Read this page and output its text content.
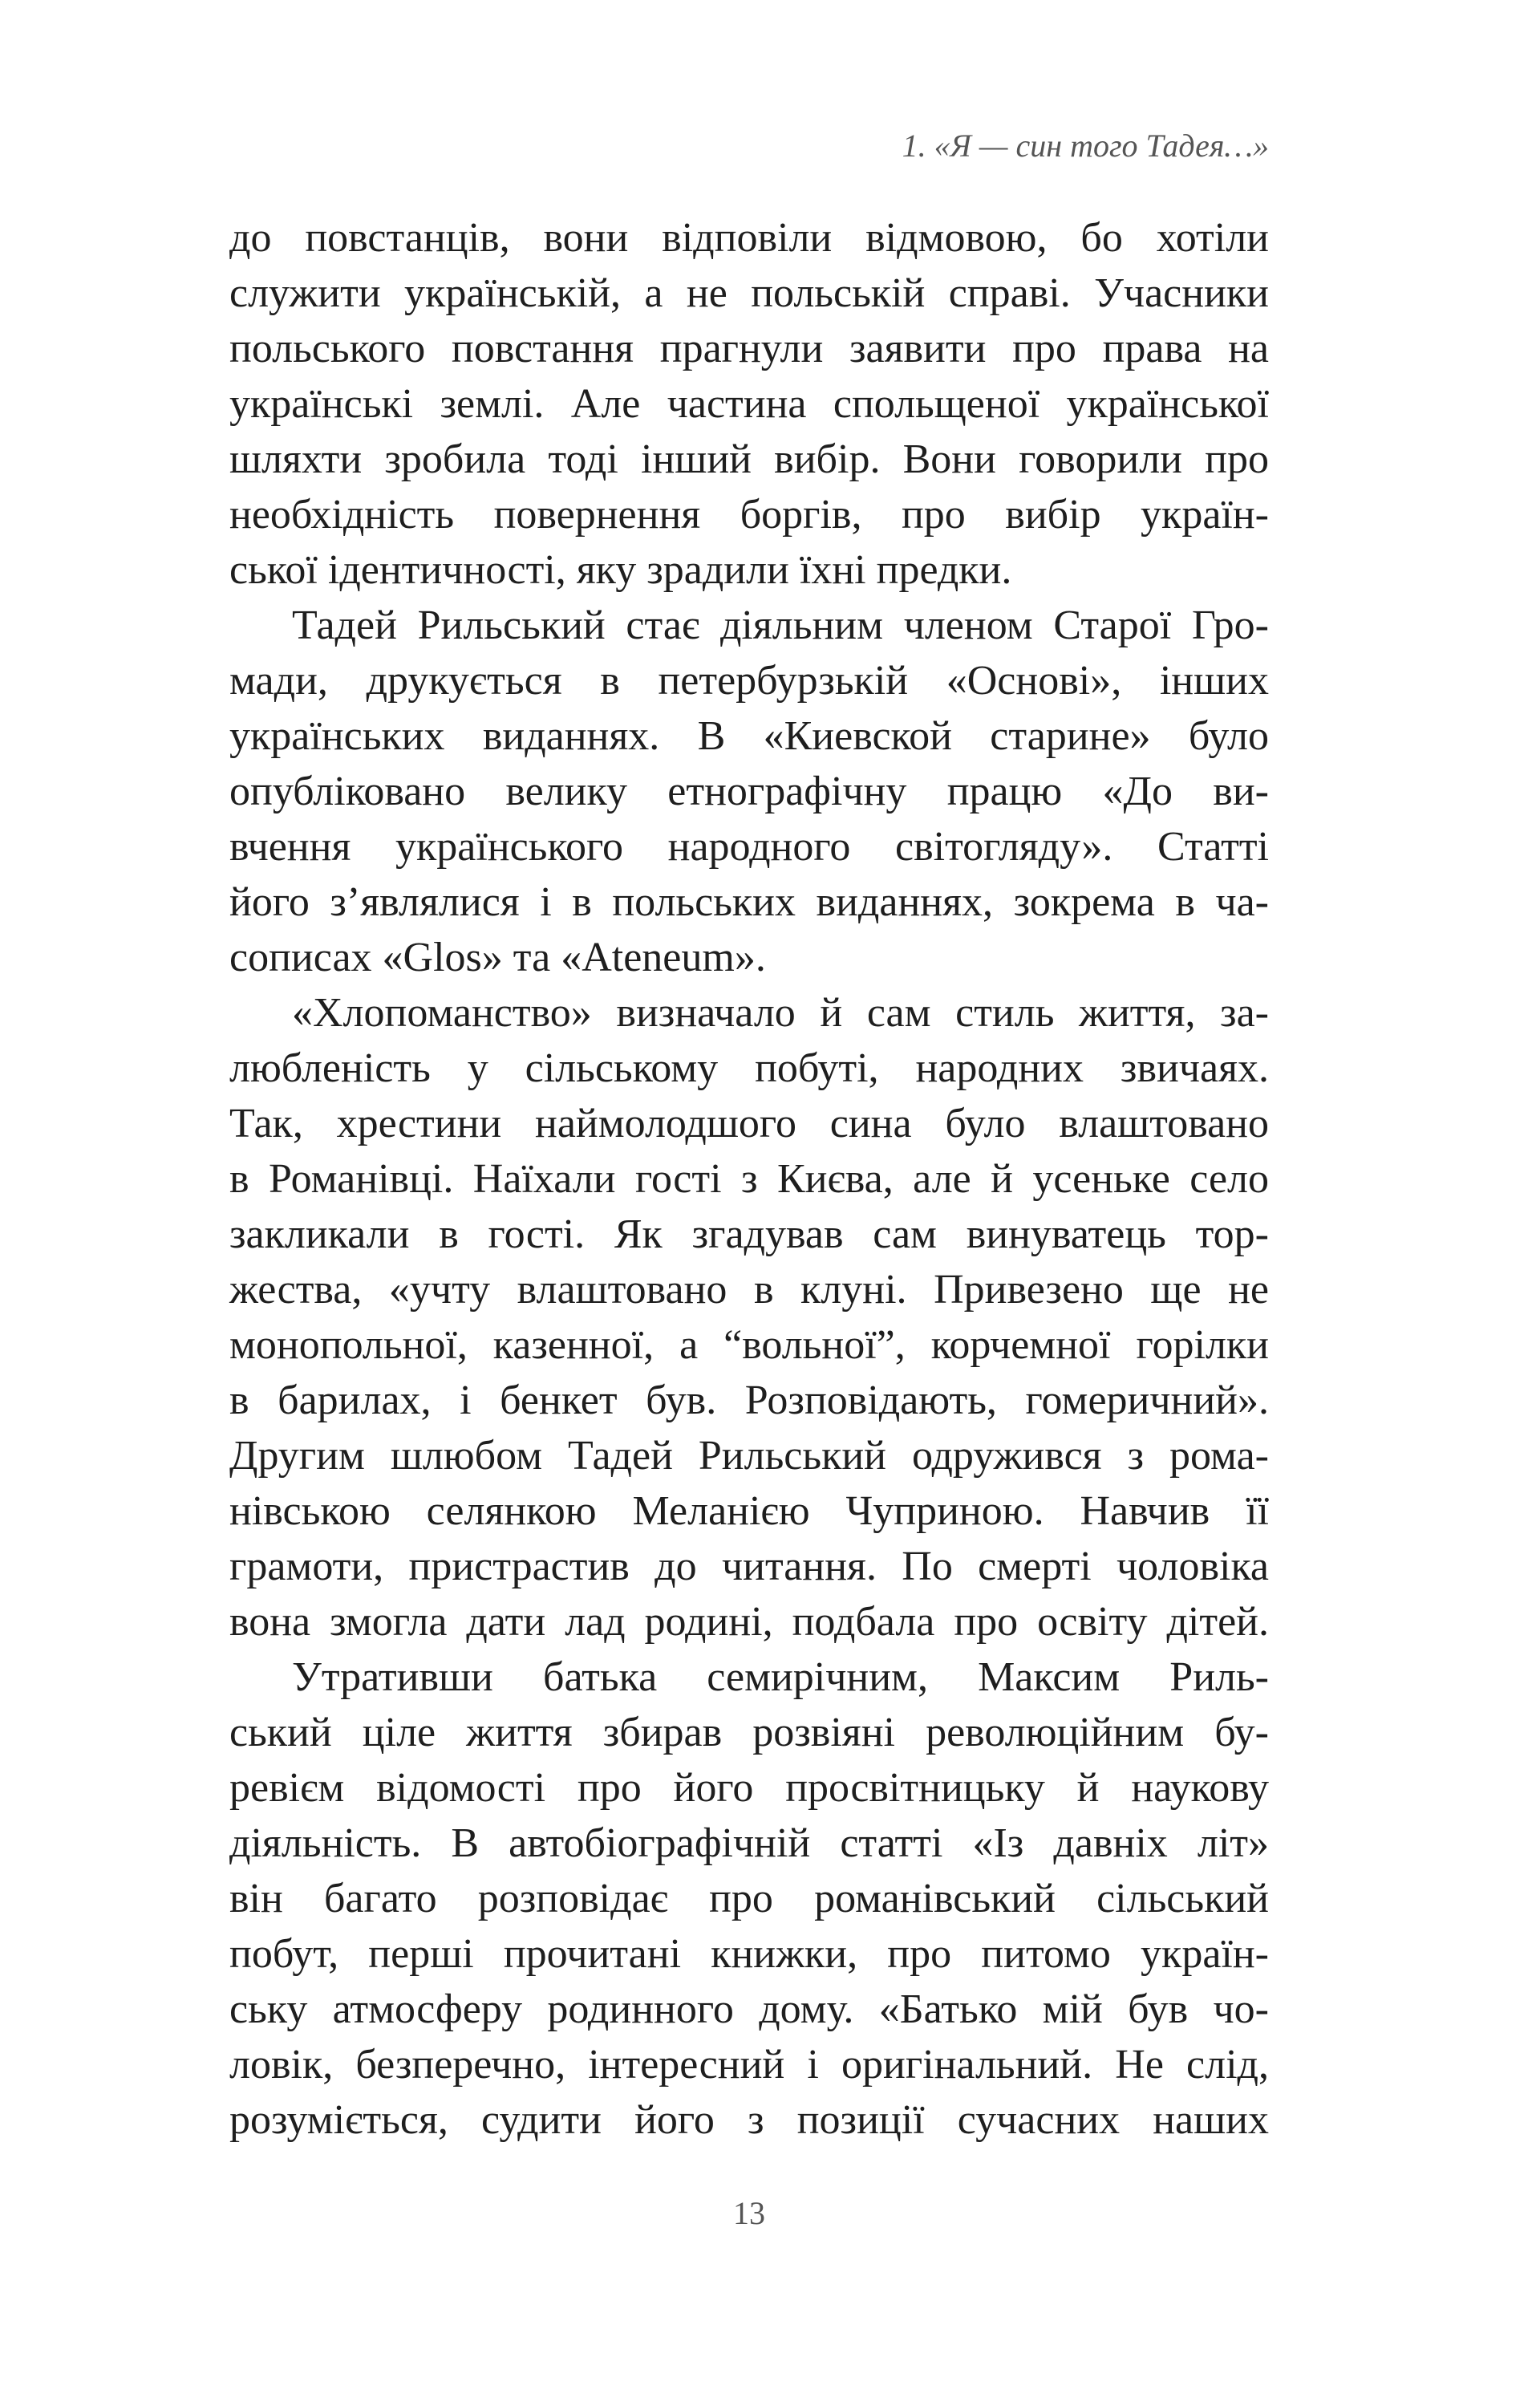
1. «Я — син того Тадея…»
до повстанців, вони відповіли відмовою, бо хотіли
служити українській, а не польській справі. Учасники
польського повстання прагнули заявити про права на
українські землі. Але частина спольщеної української
шляхти зробила тоді інший вибір. Вони говорили про
необхідність повернення боргів, про вибір україн-
ської ідентичності, яку зрадили їхні предки.
Тадей Рильський стає діяльним членом Старої Гро-
мади, друкується в петербурзькій «Основі», інших
українських виданнях. В «Киевской старине» було
опубліковано велику етнографічну працю «До ви-
вчення українського народного світогляду». Статті
його з’являлися і в польських виданнях, зокрема в ча-
сописах «Glos» та «Ateneum».
«Хлопоманство» визначало й сам стиль життя, за-
любленість у сільському побуті, народних звичаях.
Так, хрестини наймолодшого сина було влаштовано
в Романівці. Наїхали гості з Києва, але й усеньке село
закликали в гості. Як згадував сам винуватець тор-
жества, «учту влаштовано в клуні. Привезено ще не
монопольної, казенної, а “вольної”, корчемної горілки
в барилах, і бенкет був. Розповідають, гомеричний».
Другим шлюбом Тадей Рильський одружився з рома-
нівською селянкою Меланією Чуприною. Навчив її
грамоти, пристрастив до читання. По смерті чоловіка
вона змогла дати лад родині, подбала про освіту дітей.
Утративши батька семирічним, Максим Риль-
ський ціле життя збирав розвіяні революційним бу-
ревієм відомості про його просвітницьку й наукову
діяльність. В автобіографічній статті «Із давніх літ»
він багато розповідає про романівський сільський
побут, перші прочитані книжки, про питомо україн-
ську атмосферу родинного дому. «Батько мій був чо-
ловік, безперечно, інтересний і оригінальний. Не слід,
розуміється, судити його з позиції сучасних наших
13
